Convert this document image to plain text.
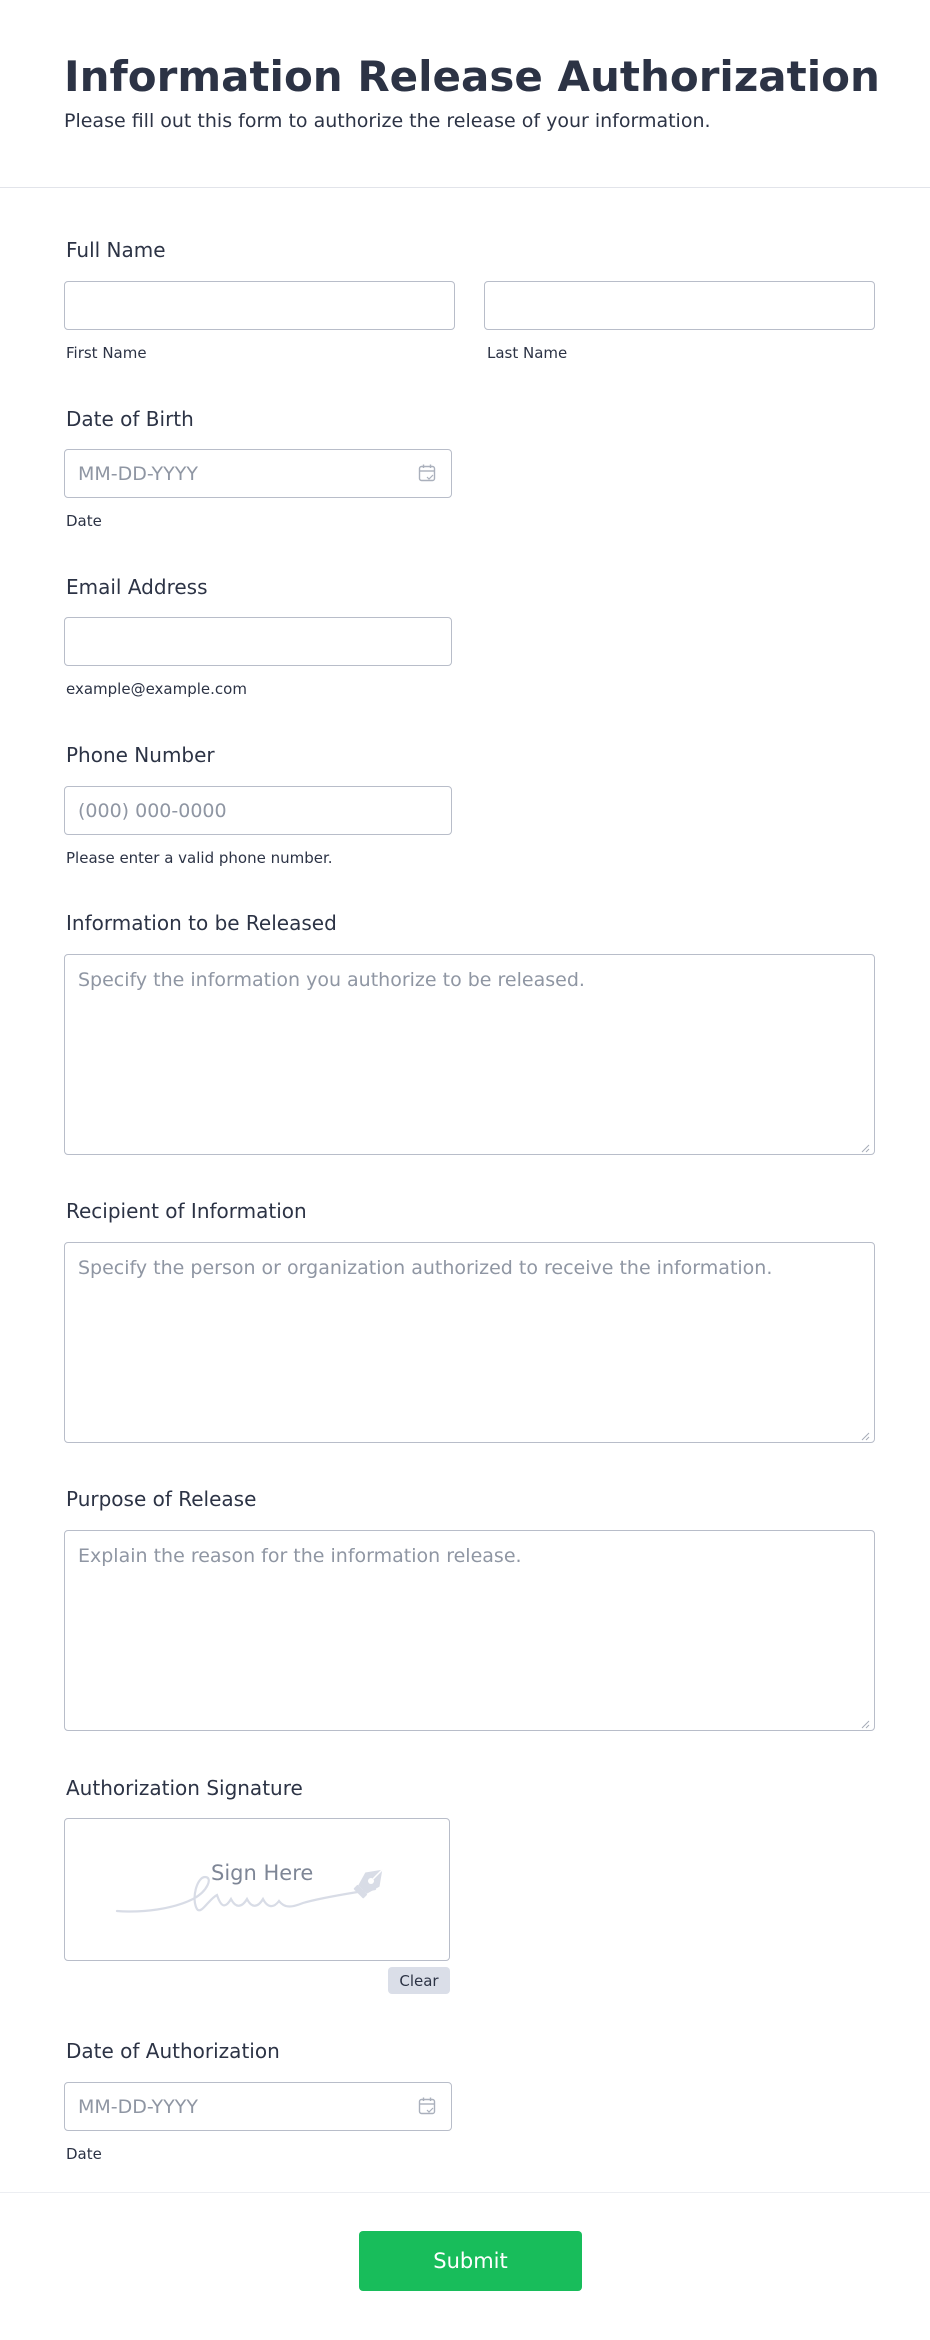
Information Release Authorization
Please fill out this form to authorize the release of your information.
Full Name
First Name	Last Name
Date of Birth
MM-DD-YYYY
Date
Email Address
example@example.com
Phone Number
(000) 000-0000
Please enter a valid phone number.
Information to be Released
Specify the information you authorize to be released.
Recipient of Information
Specify the person or organization authorized to receive the information.
Purpose of Release
Explain the reason for the information release.
Authorization Signature
Sign Here
Clear
Date of Authorization
MM-DD-YYYY
Date
Submit
